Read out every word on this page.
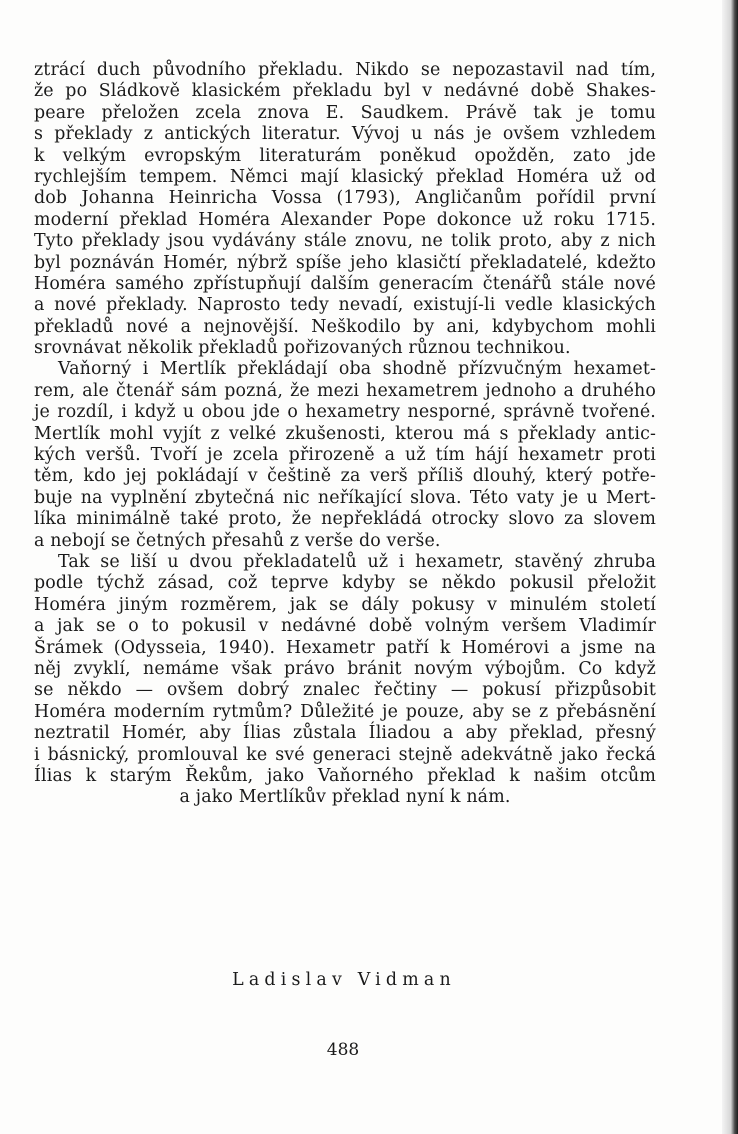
ztrácí duch původního překladu. Nikdo se nepozastavil nad tím,
že po Sládkově klasickém překladu byl v nedávné době Shakes-
peare přeložen zcela znova E. Saudkem. Právě tak je tomu
s překlady z antických literatur. Vývoj u nás je ovšem vzhledem
k velkým evropským literaturám poněkud opožděn, zato jde
rychlejším tempem. Němci mají klasický překlad Homéra už od
dob Johanna Heinricha Vossa (1793), Angličanům pořídil první
moderní překlad Homéra Alexander Pope dokonce už roku 1715.
Tyto překlady jsou vydávány stále znovu, ne tolik proto, aby z nich
byl poznáván Homér, nýbrž spíše jeho klasičtí překladatelé, kdežto
Homéra samého zpřístupňují dalším generacím čtenářů stále nové
a nové překlady. Naprosto tedy nevadí, existují-li vedle klasických
překladů nové a nejnovější. Neškodilo by ani, kdybychom mohli
srovnávat několik překladů pořizovaných různou technikou.
Vaňorný i Mertlík překládají oba shodně přízvučným hexamet-
rem, ale čtenář sám pozná, že mezi hexametrem jednoho a druhého
je rozdíl, i když u obou jde o hexametry nesporné, správně tvořené.
Mertlík mohl vyjít z velké zkušenosti, kterou má s překlady antic-
kých veršů. Tvoří je zcela přirozeně a už tím hájí hexametr proti
těm, kdo jej pokládají v češtině za verš příliš dlouhý, který potře-
buje na vyplnění zbytečná nic neříkající slova. Této vaty je u Mert-
líka minimálně také proto, že nepřekládá otrocky slovo za slovem
a nebojí se četných přesahů z verše do verše.
Tak se liší u dvou překladatelů už i hexametr, stavěný zhruba
podle týchž zásad, což teprve kdyby se někdo pokusil přeložit
Homéra jiným rozměrem, jak se dály pokusy v minulém století
a jak se o to pokusil v nedávné době volným veršem Vladimír
Šrámek (Odysseia, 1940). Hexametr patří k Homérovi a jsme na
něj zvyklí, nemáme však právo bránit novým výbojům. Co když
se někdo — ovšem dobrý znalec řečtiny — pokusí přizpůsobit
Homéra moderním rytmům? Důležité je pouze, aby se z přebásnění
neztratil Homér, aby Ílias zůstala Íliadou a aby překlad, přesný
i básnický, promlouval ke své generaci stejně adekvátně jako řecká
Ílias k starým Řekům, jako Vaňorného překlad k našim otcům
a jako Mertlíkův překlad nyní k nám.
Ladislav Vidman
488
